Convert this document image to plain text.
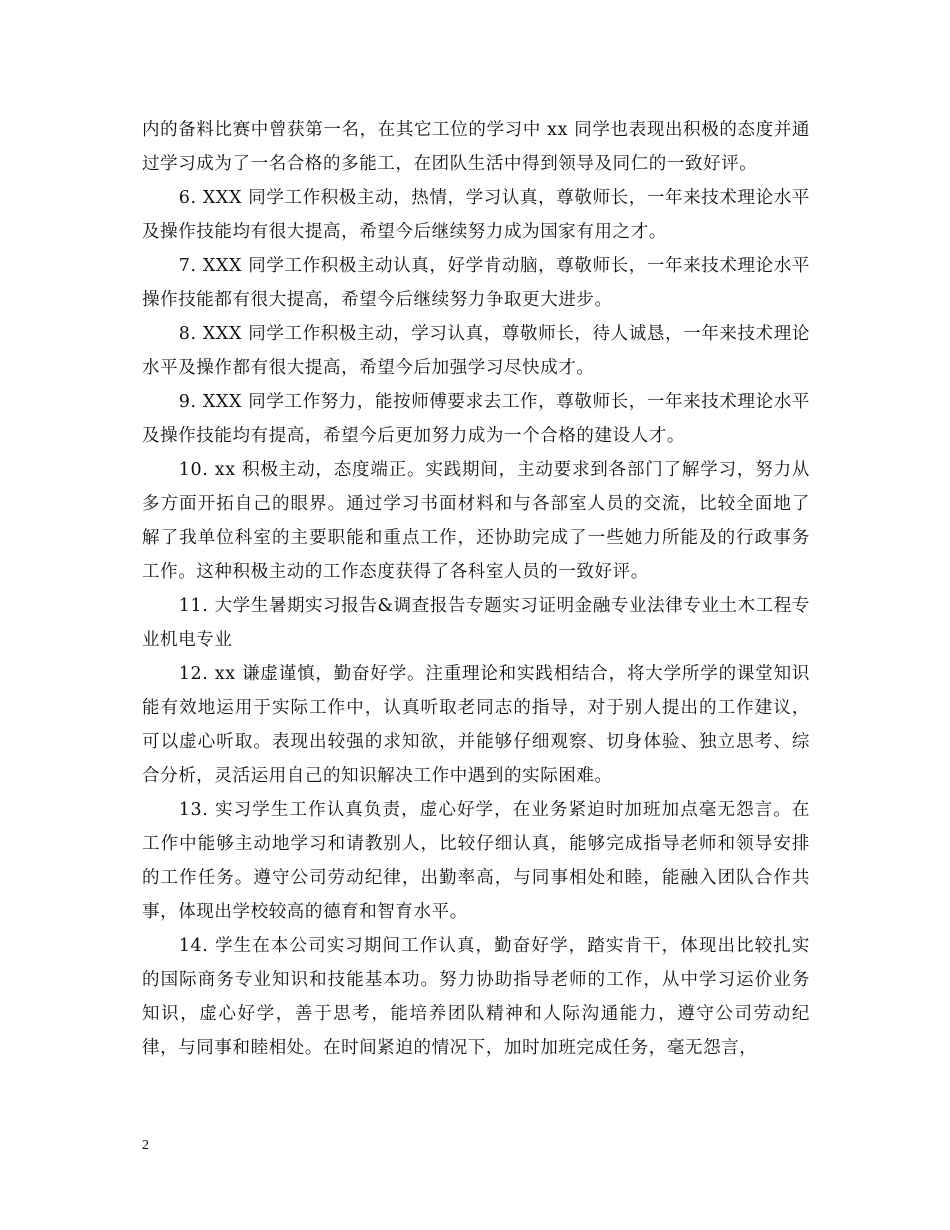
内的备料比赛中曾获第一名，在其它工位的学习中 xx 同学也表现出积极的态度并通过学习成为了一名合格的多能工，在团队生活中得到领导及同仁的一致好评。

6. XXX 同学工作积极主动，热情，学习认真，尊敬师长，一年来技术理论水平及操作技能均有很大提高，希望今后继续努力成为国家有用之才。

7. XXX 同学工作积极主动认真，好学肯动脑，尊敬师长，一年来技术理论水平操作技能都有很大提高，希望今后继续努力争取更大进步。

8. XXX 同学工作积极主动，学习认真，尊敬师长，待人诚恳，一年来技术理论水平及操作都有很大提高，希望今后加强学习尽快成才。

9. XXX 同学工作努力，能按师傅要求去工作，尊敬师长，一年来技术理论水平及操作技能均有提高，希望今后更加努力成为一个合格的建设人才。

10. xx 积极主动，态度端正。实践期间，主动要求到各部门了解学习，努力从多方面开拓自己的眼界。通过学习书面材料和与各部室人员的交流，比较全面地了解了我单位科室的主要职能和重点工作，还协助完成了一些她力所能及的行政事务工作。这种积极主动的工作态度获得了各科室人员的一致好评。

11. 大学生暑期实习报告&调查报告专题实习证明金融专业法律专业土木工程专业机电专业

12. xx 谦虚谨慎，勤奋好学。注重理论和实践相结合，将大学所学的课堂知识能有效地运用于实际工作中，认真听取老同志的指导，对于别人提出的工作建议，可以虚心听取。表现出较强的求知欲，并能够仔细观察、切身体验、独立思考、综合分析，灵活运用自己的知识解决工作中遇到的实际困难。

13. 实习学生工作认真负责，虚心好学，在业务紧迫时加班加点毫无怨言。在工作中能够主动地学习和请教别人，比较仔细认真，能够完成指导老师和领导安排的工作任务。遵守公司劳动纪律，出勤率高，与同事相处和睦，能融入团队合作共事，体现出学校较高的德育和智育水平。

14. 学生在本公司实习期间工作认真，勤奋好学，踏实肯干，体现出比较扎实的国际商务专业知识和技能基本功。努力协助指导老师的工作，从中学习运价业务知识，虚心好学，善于思考，能培养团队精神和人际沟通能力，遵守公司劳动纪律，与同事和睦相处。在时间紧迫的情况下，加时加班完成任务，毫无怨言，

2
